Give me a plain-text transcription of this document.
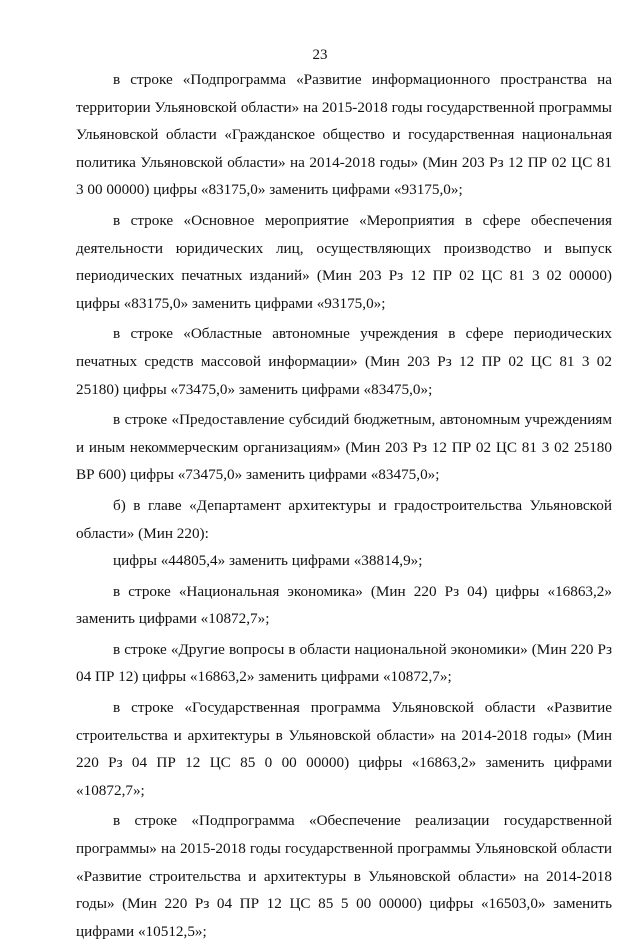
23

в строке «Подпрограмма «Развитие информационного пространства на территории Ульяновской области» на 2015-2018 годы государственной программы Ульяновской области «Гражданское общество и государственная национальная политика Ульяновской области» на 2014-2018 годы» (Мин 203 Рз 12 ПР 02 ЦС 81 3 00 00000) цифры «83175,0» заменить цифрами «93175,0»;

в строке «Основное мероприятие «Мероприятия в сфере обеспечения деятельности юридических лиц, осуществляющих производство и выпуск периодических печатных изданий» (Мин 203 Рз 12 ПР 02 ЦС 81 3 02 00000) цифры «83175,0» заменить цифрами «93175,0»;

в строке «Областные автономные учреждения в сфере периодических печатных средств массовой информации» (Мин 203 Рз 12 ПР 02 ЦС 81 3 02 25180) цифры «73475,0» заменить цифрами «83475,0»;

в строке «Предоставление субсидий бюджетным, автономным учреждениям и иным некоммерческим организациям» (Мин 203 Рз 12 ПР 02 ЦС 81 3 02 25180 ВР 600) цифры «73475,0» заменить цифрами «83475,0»;

б) в главе «Департамент архитектуры и градостроительства Ульяновской области» (Мин 220):

цифры «44805,4» заменить цифрами «38814,9»;

в строке «Национальная экономика» (Мин 220 Рз 04) цифры «16863,2» заменить цифрами «10872,7»;

в строке «Другие вопросы в области национальной экономики» (Мин 220 Рз 04 ПР 12) цифры «16863,2» заменить цифрами «10872,7»;

в строке «Государственная программа Ульяновской области «Развитие строительства и архитектуры в Ульяновской области» на 2014-2018 годы» (Мин 220 Рз 04 ПР 12 ЦС 85 0 00 00000) цифры «16863,2» заменить цифрами «10872,7»;

в строке «Подпрограмма «Обеспечение реализации государственной программы» на 2015-2018 годы государственной программы Ульяновской области «Развитие строительства и архитектуры в Ульяновской области» на 2014-2018 годы» (Мин 220 Рз 04 ПР 12 ЦС 85 5 00 00000) цифры «16503,0» заменить цифрами «10512,5»;
